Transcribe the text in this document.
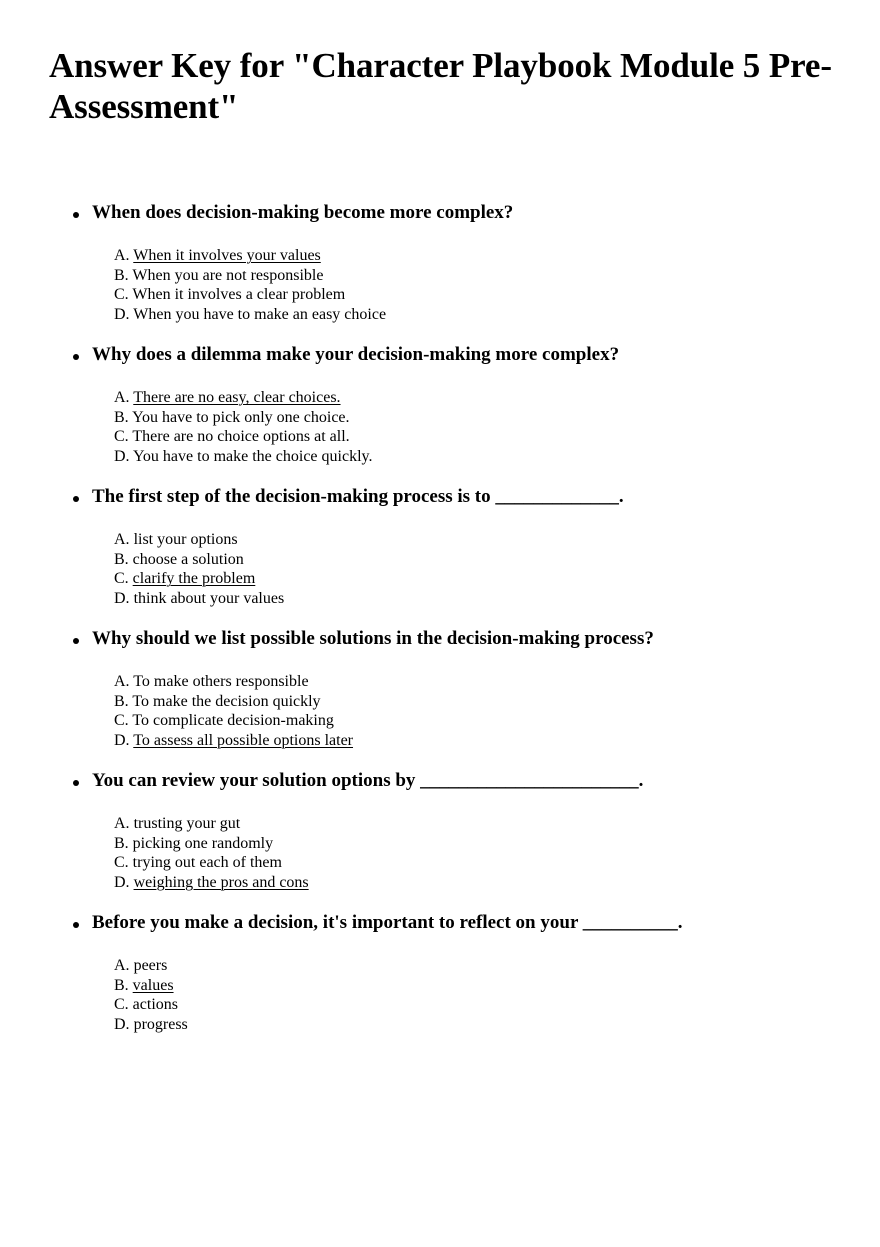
Answer Key for "Character Playbook Module 5 Pre-Assessment"
When does decision-making become more complex?
A. When it involves your values
B. When you are not responsible
C. When it involves a clear problem
D. When you have to make an easy choice
Why does a dilemma make your decision-making more complex?
A. There are no easy, clear choices.
B. You have to pick only one choice.
C. There are no choice options at all.
D. You have to make the choice quickly.
The first step of the decision-making process is to _____________.
A. list your options
B. choose a solution
C. clarify the problem
D. think about your values
Why should we list possible solutions in the decision-making process?
A. To make others responsible
B. To make the decision quickly
C. To complicate decision-making
D. To assess all possible options later
You can review your solution options by _______________________.
A. trusting your gut
B. picking one randomly
C. trying out each of them
D. weighing the pros and cons
Before you make a decision, it's important to reflect on your __________.
A. peers
B. values
C. actions
D. progress
